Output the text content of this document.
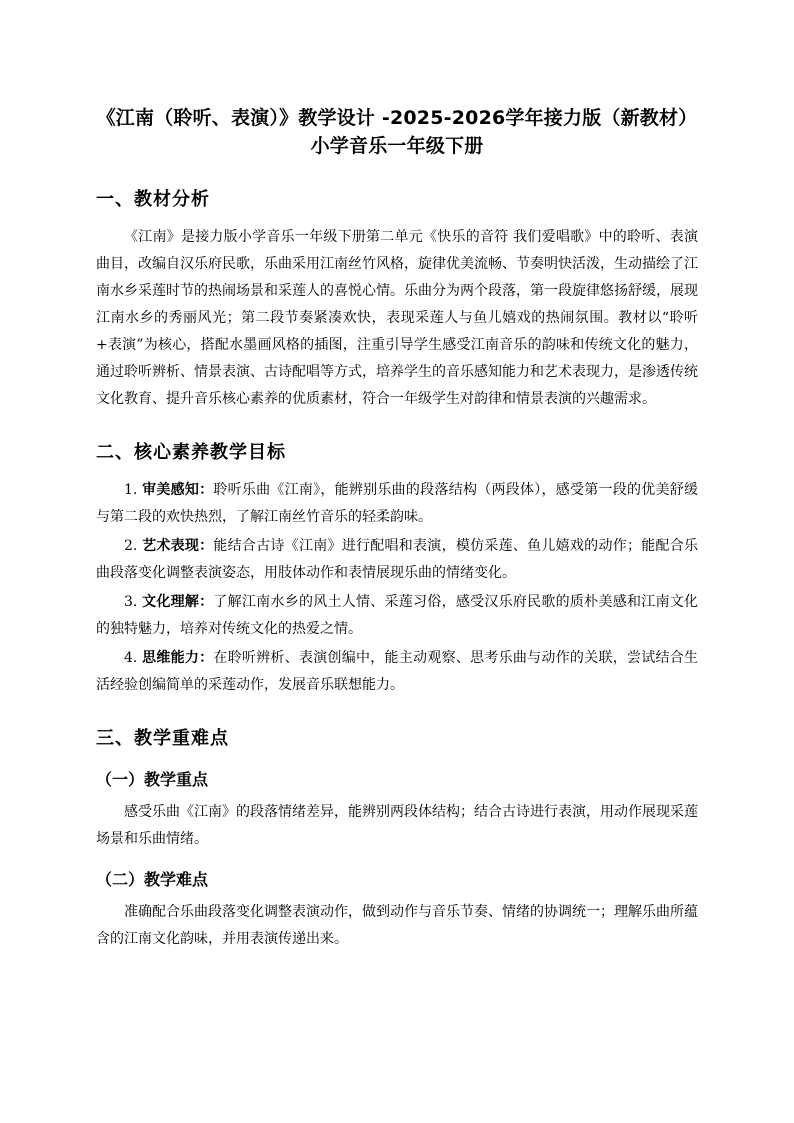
《江南（聆听、表演）》教学设计 -2025-2026学年接力版（新教材）小学音乐一年级下册
一、教材分析

《江南》是接力版小学音乐一年级下册第二单元《快乐的音符 我们爱唱歌》中的聆听、表演曲目，改编自汉乐府民歌，乐曲采用江南丝竹风格，旋律优美流畅、节奏明快活泼，生动描绘了江南水乡采莲时节的热闹场景和采莲人的喜悦心情。乐曲分为两个段落，第一段旋律悠扬舒缓，展现江南水乡的秀丽风光；第二段节奏紧凑欢快，表现采莲人与鱼儿嬉戏的热闹氛围。教材以“聆听+表演”为核心，搭配水墨画风格的插图，注重引导学生感受江南音乐的韵味和传统文化的魅力，通过聆听辨析、情景表演、古诗配唱等方式，培养学生的音乐感知能力和艺术表现力，是渗透传统文化教育、提升音乐核心素养的优质素材，符合一年级学生对韵律和情景表演的兴趣需求。

二、核心素养教学目标

1. 审美感知：聆听乐曲《江南》，能辨别乐曲的段落结构（两段体），感受第一段的优美舒缓与第二段的欢快热烈，了解江南丝竹音乐的轻柔韵味。

2. 艺术表现：能结合古诗《江南》进行配唱和表演，模仿采莲、鱼儿嬉戏的动作；能配合乐曲段落变化调整表演姿态，用肢体动作和表情展现乐曲的情绪变化。

3. 文化理解：了解江南水乡的风土人情、采莲习俗，感受汉乐府民歌的质朴美感和江南文化的独特魅力，培养对传统文化的热爱之情。

4. 思维能力：在聆听辨析、表演创编中，能主动观察、思考乐曲与动作的关联，尝试结合生活经验创编简单的采莲动作，发展音乐联想能力。

三、教学重难点
（一）教学重点

感受乐曲《江南》的段落情绪差异，能辨别两段体结构；结合古诗进行表演，用动作展现采莲场景和乐曲情绪。

（二）教学难点

准确配合乐曲段落变化调整表演动作，做到动作与音乐节奏、情绪的协调统一；理解乐曲所蕴含的江南文化韵味，并用表演传递出来。
